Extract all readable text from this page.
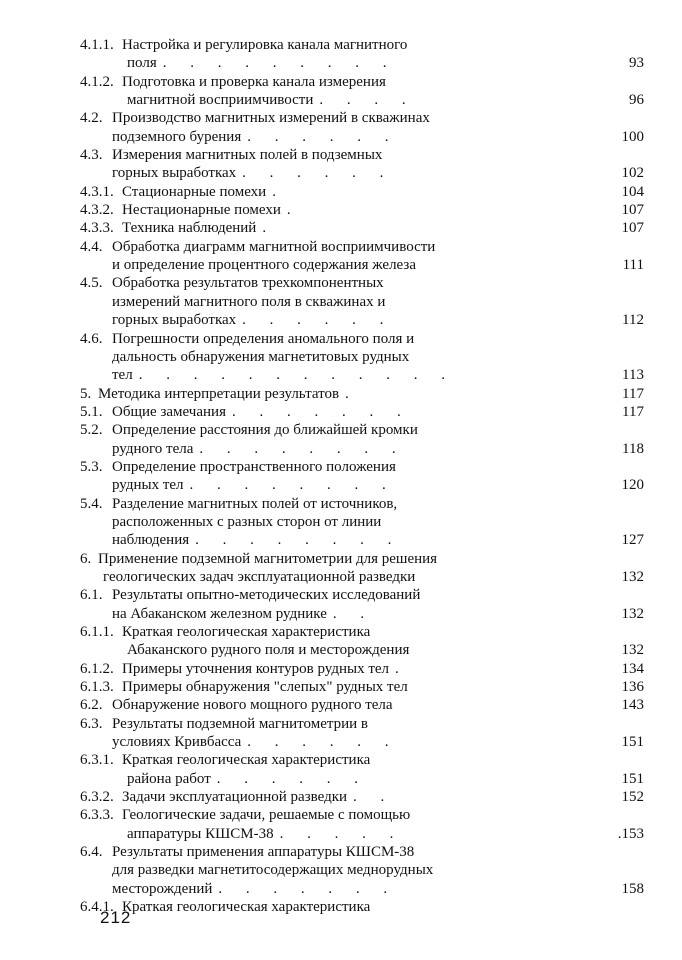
4.1.1. Настройка и регулировка канала магнитного
поля . . . . . . . . .	93
4.1.2. Подготовка и проверка канала измерения
магнитной восприимчивости . . . .	96
4.2. Производство магнитных измерений в скважинах
подземного бурения . . . . . .	100
4.3. Измерения магнитных полей в подземных
горных выработках . . . . . .	102
4.3.1. Стационарные помехи .	104
4.3.2. Нестационарные помехи .	107
4.3.3. Техника наблюдений .	107
4.4. Обработка диаграмм магнитной восприимчивости
и определение процентного содержания железа	111
4.5. Обработка результатов трехкомпонентных
измерений магнитного поля в скважинах и
горных выработках . . . . . .	112
4.6. Погрешности определения аномального поля и
дальность обнаружения магнетитовых рудных
тел . . . . . . . . . . . .	113
5. Методика интерпретации результатов .	117
5.1. Общие замечания . . . . . . .	117
5.2. Определение расстояния до ближайшей кромки
рудного тела . . . . . . . .	118
5.3. Определение пространственного положения
рудных тел . . . . . . . .	120
5.4. Разделение магнитных полей от источников,
расположенных с разных сторон от линии
наблюдения . . . . . . . .	127
6. Применение подземной магнитометрии для решения
геологических задач эксплуатационной разведки	132
6.1. Результаты опытно-методических исследований
на Абаканском железном руднике . .	132
6.1.1. Краткая геологическая характеристика
Абаканского рудного поля и месторождения	132
6.1.2. Примеры уточнения контуров рудных тел .	134
6.1.3. Примеры обнаружения "слепых" рудных тел	136
6.2. Обнаружение нового мощного рудного тела	143
6.3. Результаты подземной магнитометрии в
условиях Кривбасса . . . . . .	151
6.3.1. Краткая геологическая характеристика
района работ . . . . . .	151
6.3.2. Задачи эксплуатационной разведки . .	152
6.3.3. Геологические задачи, решаемые с помощью
аппаратуры КШСМ-38 . . . . .	.153
6.4. Результаты применения аппаратуры КШСМ-38
для разведки магнетитосодержащих меднорудных
месторождений . . . . . . .	158
6.4.1. Краткая геологическая характеристика
212
